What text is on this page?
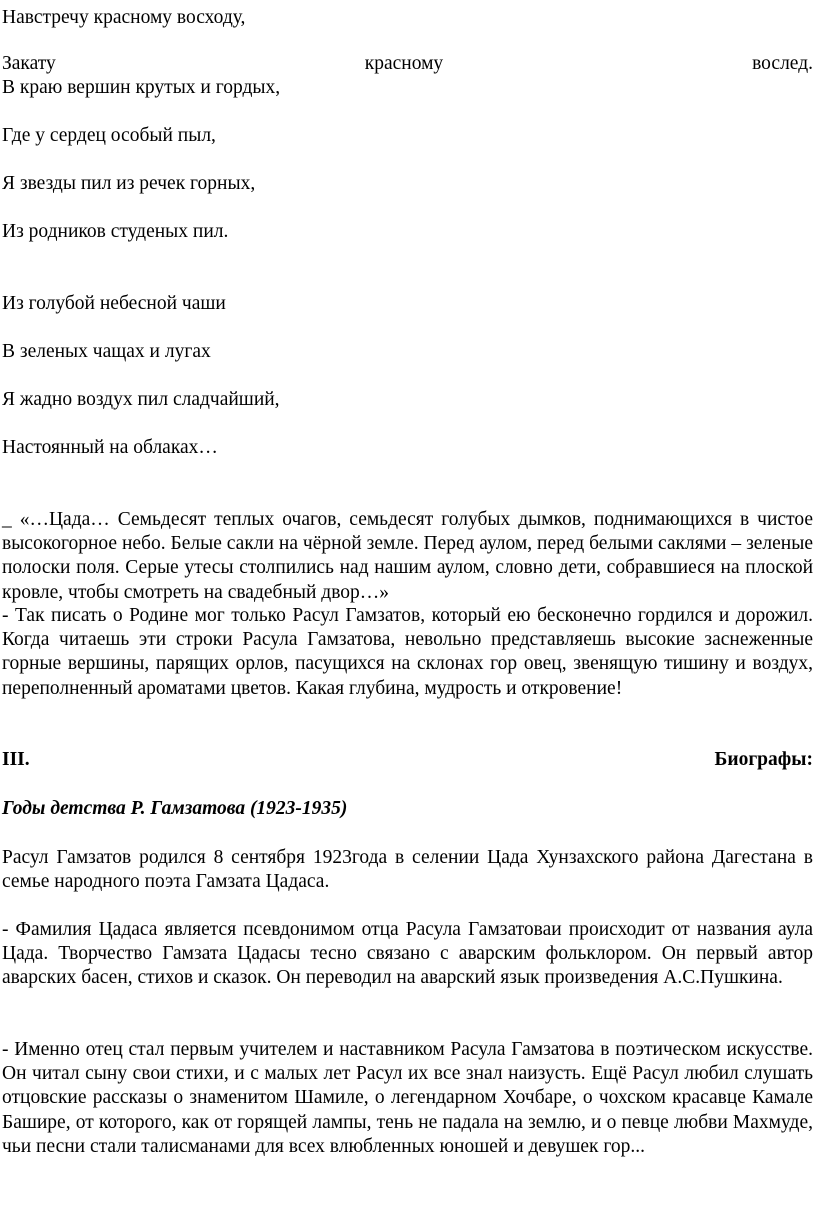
Навстречу красному восходу,

Закату	красному	вослед.

В краю вершин крутых и гордых,

Где у сердец особый пыл,

Я звезды пил из речек горных,

Из родников студеных пил.

Из голубой небесной чаши

В зеленых чащах и лугах

Я жадно воздух пил сладчайший,

Настоянный на облаках…

_ «…Цада… Семьдесят теплых очагов, семьдесят голубых дымков, поднимающихся в чистое высокогорное небо. Белые сакли на чёрной земле. Перед аулом, перед белыми саклями – зеленые полоски поля. Серые утесы столпились над нашим аулом, словно дети, собравшиеся на плоской кровле, чтобы смотреть на свадебный двор…»

- Так писать о Родине мог только Расул Гамзатов, который ею бесконечно гордился и дорожил. Когда читаешь эти строки Расула Гамзатова, невольно представляешь высокие заснеженные горные вершины, парящих орлов, пасущихся на склонах гор овец, звенящую тишину и воздух, переполненный ароматами цветов. Какая глубина, мудрость и откровение!

III.	Биографы:

Годы детства Р. Гамзатова (1923-1935)

Расул Гамзатов родился 8 сентября 1923года в селении Цада Хунзахского района Дагестана в семье народного поэта Гамзата Цадаса.

- Фамилия Цадаса является псевдонимом отца Расула Гамзатоваи происходит от названия аула Цада. Творчество Гамзата Цадасы тесно связано с аварским фольклором. Он первый автор аварских басен, стихов и сказок. Он переводил на аварский язык произведения А.С.Пушкина.

- Именно отец стал первым учителем и наставником Расула Гамзатова в поэтическом искусстве. Он читал сыну свои стихи, и с малых лет Расул их все знал наизусть. Ещё Расул любил слушать отцовские рассказы о знаменитом Шамиле, о легендарном Хочбаре, о чохском красавце Камале Башире, от которого, как от горящей лампы, тень не падала на землю, и о певце любви Махмуде, чьи песни стали талисманами для всех влюбленных юношей и девушек гор...
